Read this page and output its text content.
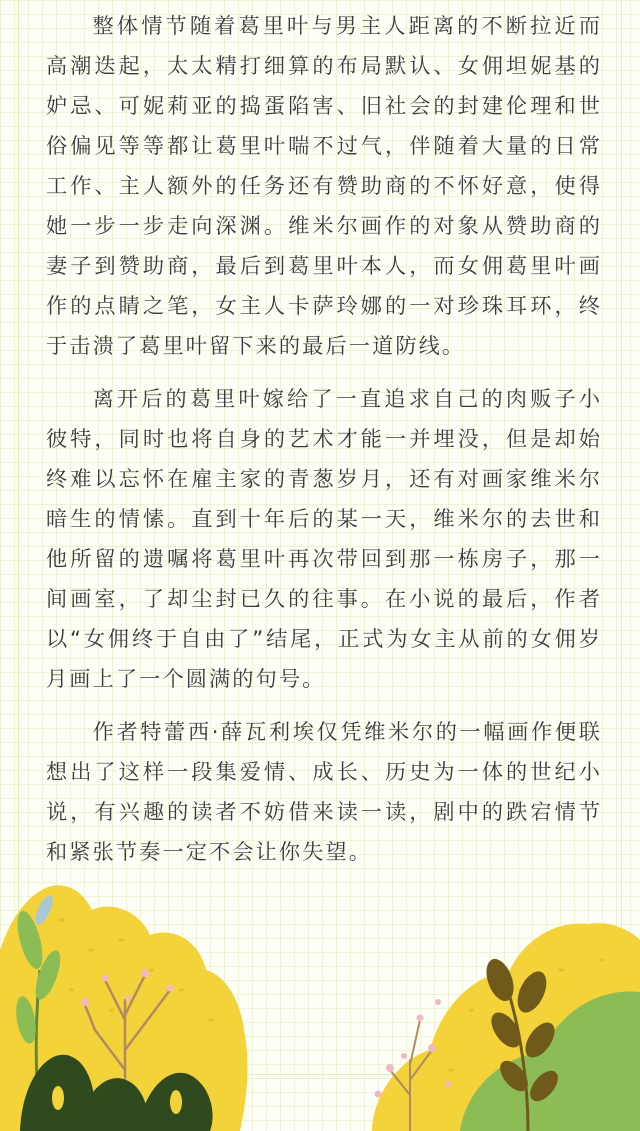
整体情节随着葛里叶与男主人距离的不断拉近而高潮迭起，太太精打细算的布局默认、女佣坦妮基的妒忌、可妮莉亚的捣蛋陷害、旧社会的封建伦理和世俗偏见等等都让葛里叶喘不过气，伴随着大量的日常工作、主人额外的任务还有赞助商的不怀好意，使得她一步一步走向深渊。维米尔画作的对象从赞助商的妻子到赞助商，最后到葛里叶本人，而女佣葛里叶画作的点睛之笔，女主人卡萨玲娜的一对珍珠耳环，终于击溃了葛里叶留下来的最后一道防线。

离开后的葛里叶嫁给了一直追求自己的肉贩子小彼特，同时也将自身的艺术才能一并埋没，但是却始终难以忘怀在雇主家的青葱岁月，还有对画家维米尔暗生的情愫。直到十年后的某一天，维米尔的去世和他所留的遗嘱将葛里叶再次带回到那一栋房子，那一间画室，了却尘封已久的往事。在小说的最后，作者以“女佣终于自由了”结尾，正式为女主从前的女佣岁月画上了一个圆满的句号。

作者特蕾西·薛瓦利埃仅凭维米尔的一幅画作便联想出了这样一段集爱情、成长、历史为一体的世纪小说，有兴趣的读者不妨借来读一读，剧中的跌宕情节和紧张节奏一定不会让你失望。
